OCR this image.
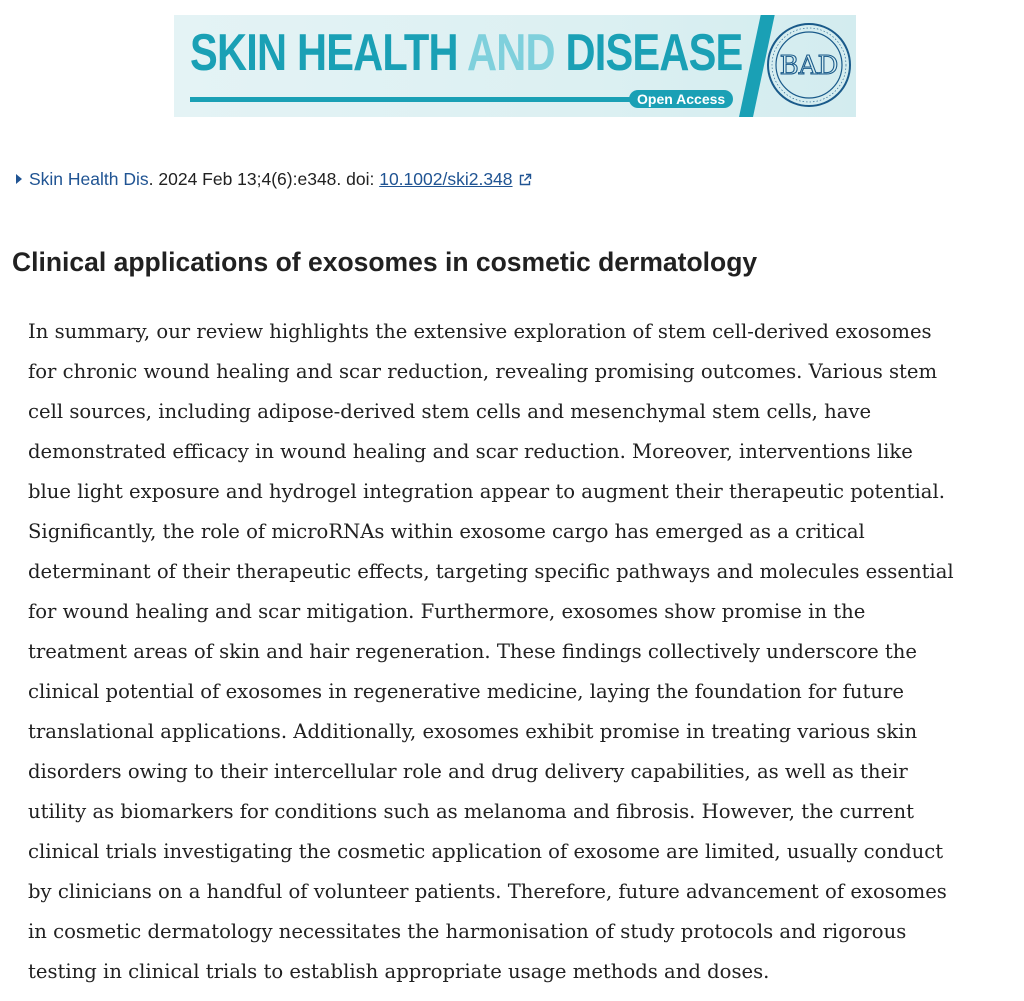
SKIN HEALTH AND DISEASE
Open Access
BAD
Skin Health Dis. 2024 Feb 13;4(6):e348. doi: 10.1002/ski2.348
Clinical applications of exosomes in cosmetic dermatology
In summary, our review highlights the extensive exploration of stem cell-derived exosomes
for chronic wound healing and scar reduction, revealing promising outcomes. Various stem
cell sources, including adipose-derived stem cells and mesenchymal stem cells, have
demonstrated efficacy in wound healing and scar reduction. Moreover, interventions like
blue light exposure and hydrogel integration appear to augment their therapeutic potential.
Significantly, the role of microRNAs within exosome cargo has emerged as a critical
determinant of their therapeutic effects, targeting specific pathways and molecules essential
for wound healing and scar mitigation. Furthermore, exosomes show promise in the
treatment areas of skin and hair regeneration. These findings collectively underscore the
clinical potential of exosomes in regenerative medicine, laying the foundation for future
translational applications. Additionally, exosomes exhibit promise in treating various skin
disorders owing to their intercellular role and drug delivery capabilities, as well as their
utility as biomarkers for conditions such as melanoma and fibrosis. However, the current
clinical trials investigating the cosmetic application of exosome are limited, usually conduct
by clinicians on a handful of volunteer patients. Therefore, future advancement of exosomes
in cosmetic dermatology necessitates the harmonisation of study protocols and rigorous
testing in clinical trials to establish appropriate usage methods and doses.
